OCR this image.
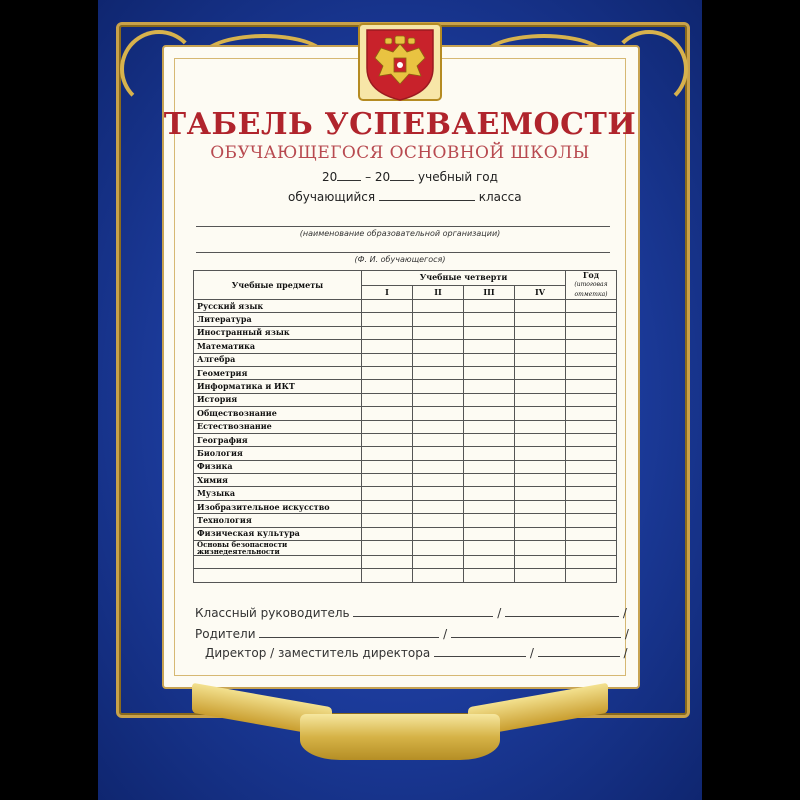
ТАБЕЛЬ УСПЕВАЕМОСТИ
ОБУЧАЮЩЕГОСЯ ОСНОВНОЙ ШКОЛЫ
20 – 20 учебный год
обучающийся	класса
(наименование образовательной организации)
(Ф. И. обучающегося)
Учебные предметы	Учебные четверти				Год
(итоговая отметка)
	I	II	III	IV	
Русский язык					
Литература					
Иностранный язык					
Математика					
Алгебра					
Геометрия					
Информатика и ИКТ					
История					
Обществознание					
Естествознание					
География					
Биология					
Физика					
Химия					
Музыка					
Изобразительное искусство					
Технология					
Физическая культура					
Основы безопасности жизнедеятельности					

Классный руководитель	/	/
Родители	/	/
Директор / заместитель директора	/	/
